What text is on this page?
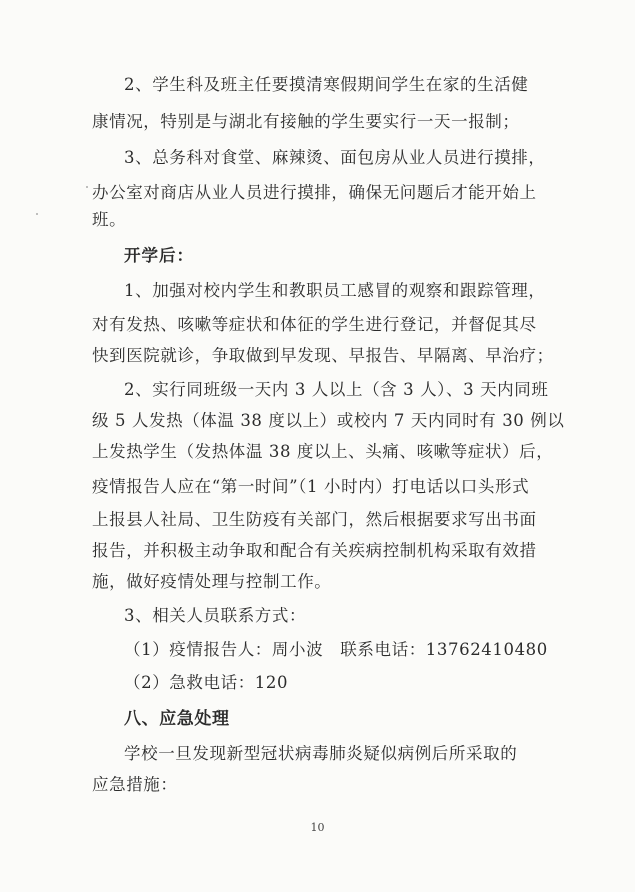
2、学生科及班主任要摸清寒假期间学生在家的生活健
康情况，特别是与湖北有接触的学生要实行一天一报制；
3、总务科对食堂、麻辣烫、面包房从业人员进行摸排，
办公室对商店从业人员进行摸排，确保无问题后才能开始上
班。
开学后：
1、加强对校内学生和教职员工感冒的观察和跟踪管理，
对有发热、咳嗽等症状和体征的学生进行登记，并督促其尽
快到医院就诊，争取做到早发现、早报告、早隔离、早治疗；
2、实行同班级一天内 3 人以上（含 3 人）、3 天内同班
级 5 人发热（体温 38 度以上）或校内 7 天内同时有 30 例以
上发热学生（发热体温 38 度以上、头痛、咳嗽等症状）后，
疫情报告人应在“第一时间”（1 小时内）打电话以口头形式
上报县人社局、卫生防疫有关部门，然后根据要求写出书面
报告，并积极主动争取和配合有关疾病控制机构采取有效措
施，做好疫情处理与控制工作。
3、相关人员联系方式：
（1）疫情报告人：周小波　联系电话：13762410480
（2）急救电话：120
八、应急处理
学校一旦发现新型冠状病毒肺炎疑似病例后所采取的
应急措施：
10
